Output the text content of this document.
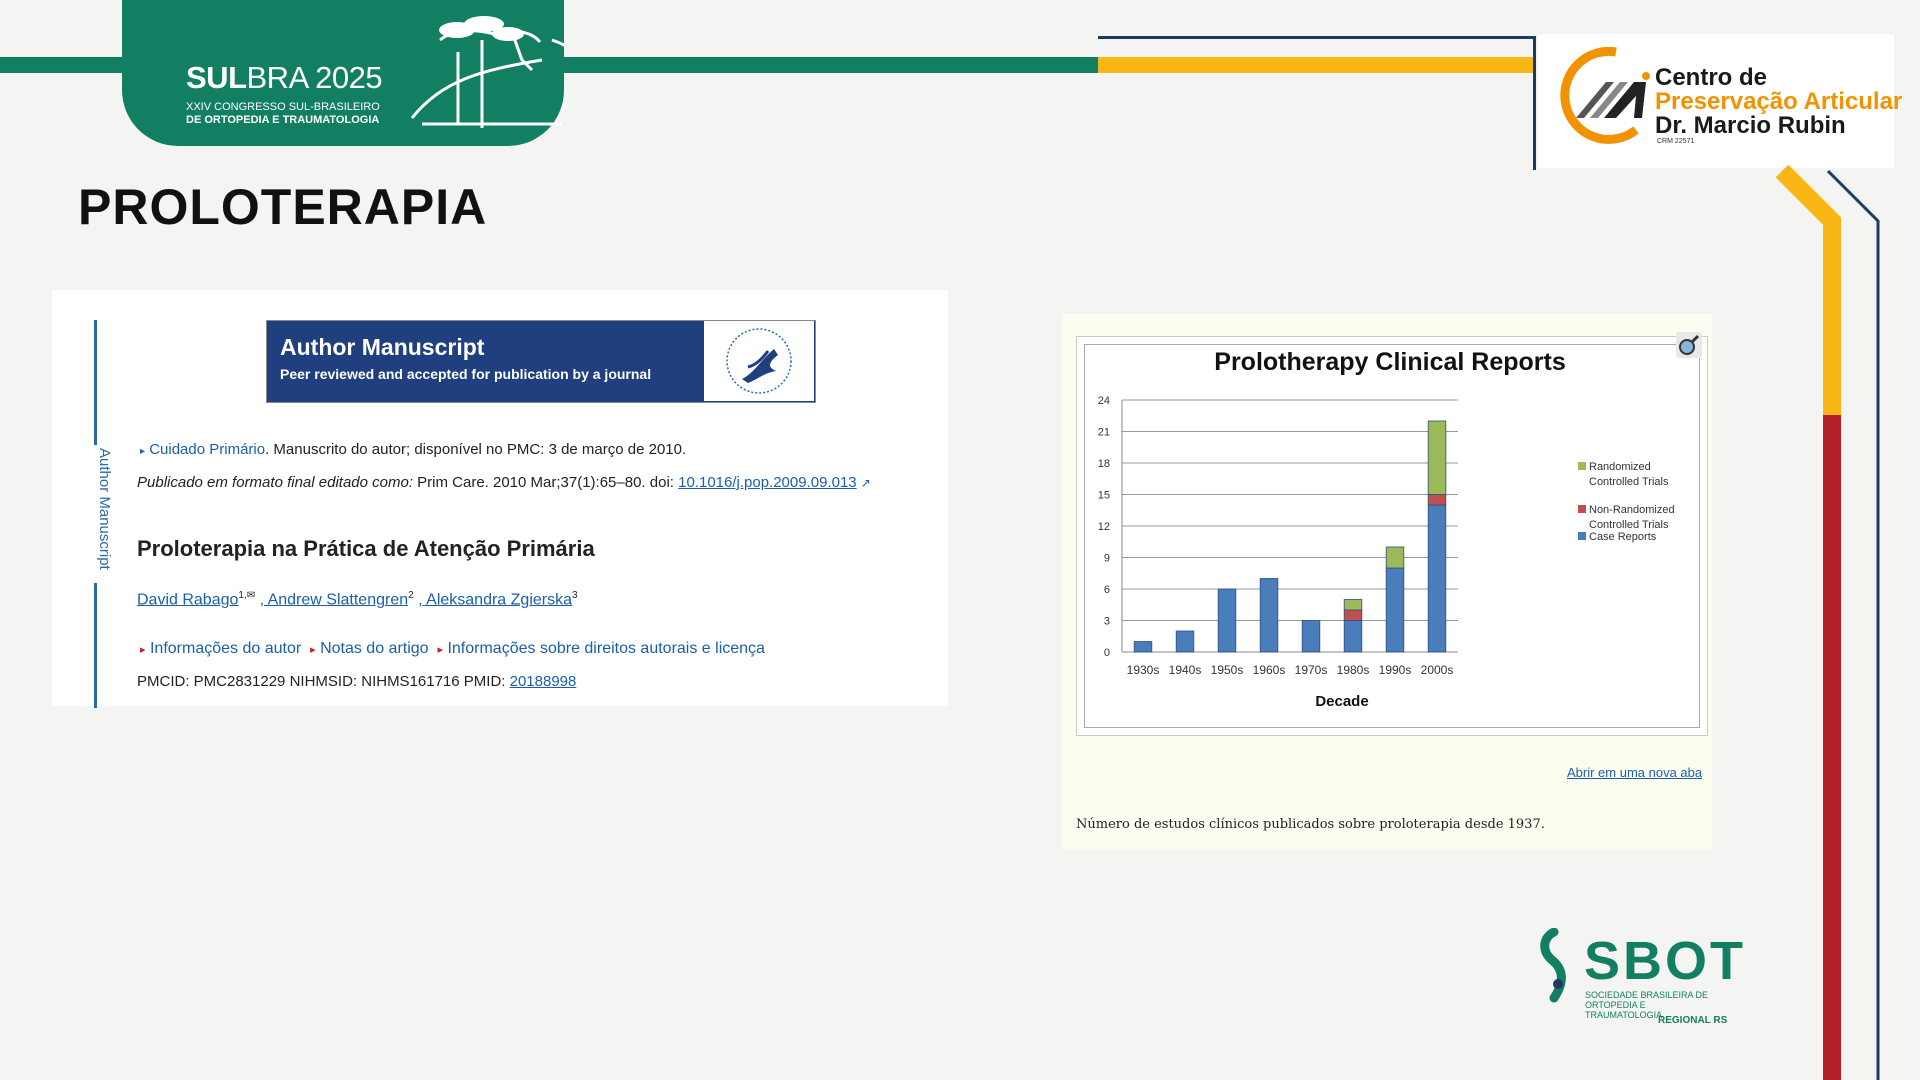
SULBRA 2025
XXIV CONGRESSO SUL-BRASILEIRO
DE ORTOPEDIA E TRAUMATOLOGIA
Centro de
Preservação Articular
Dr. Marcio Rubin
CRM 22571
PROLOTERAPIA
Author Manuscript
Author Manuscript
Peer reviewed and accepted for publication by a journal
▸ Cuidado Primário. Manuscrito do autor; disponível no PMC: 3 de março de 2010.
Publicado em formato final editado como: Prim Care. 2010 Mar;37(1):65–80. doi: 10.1016/j.pop.2009.09.013 ↗
Proloterapia na Prática de Atenção Primária
David Rabago$^{1,✉}$ , Andrew Slattengren$^2$ , Aleksandra Zgierska$^3$
▸ Informações do autor ▸ Notas do artigo ▸ Informações sobre direitos autorais e licença
PMCID: PMC2831229 NIHMSID: NIHMS161716 PMID: 20188998
Prolotherapy Clinical Reports
Decade
0
3
6
9
12
15
18
21
24
1930s 1940s 1950s 1960s 1970s 1980s 1990s 2000s
Randomized
Controlled Trials
Non-Randomized
Controlled Trials
Case Reports
Abrir em uma nova aba
Número de estudos clínicos publicados sobre proloterapia desde 1937.
SBOT
SOCIEDADE BRASILEIRA DE
ORTOPEDIA E TRAUMATOLOGIA
REGIONAL RS
